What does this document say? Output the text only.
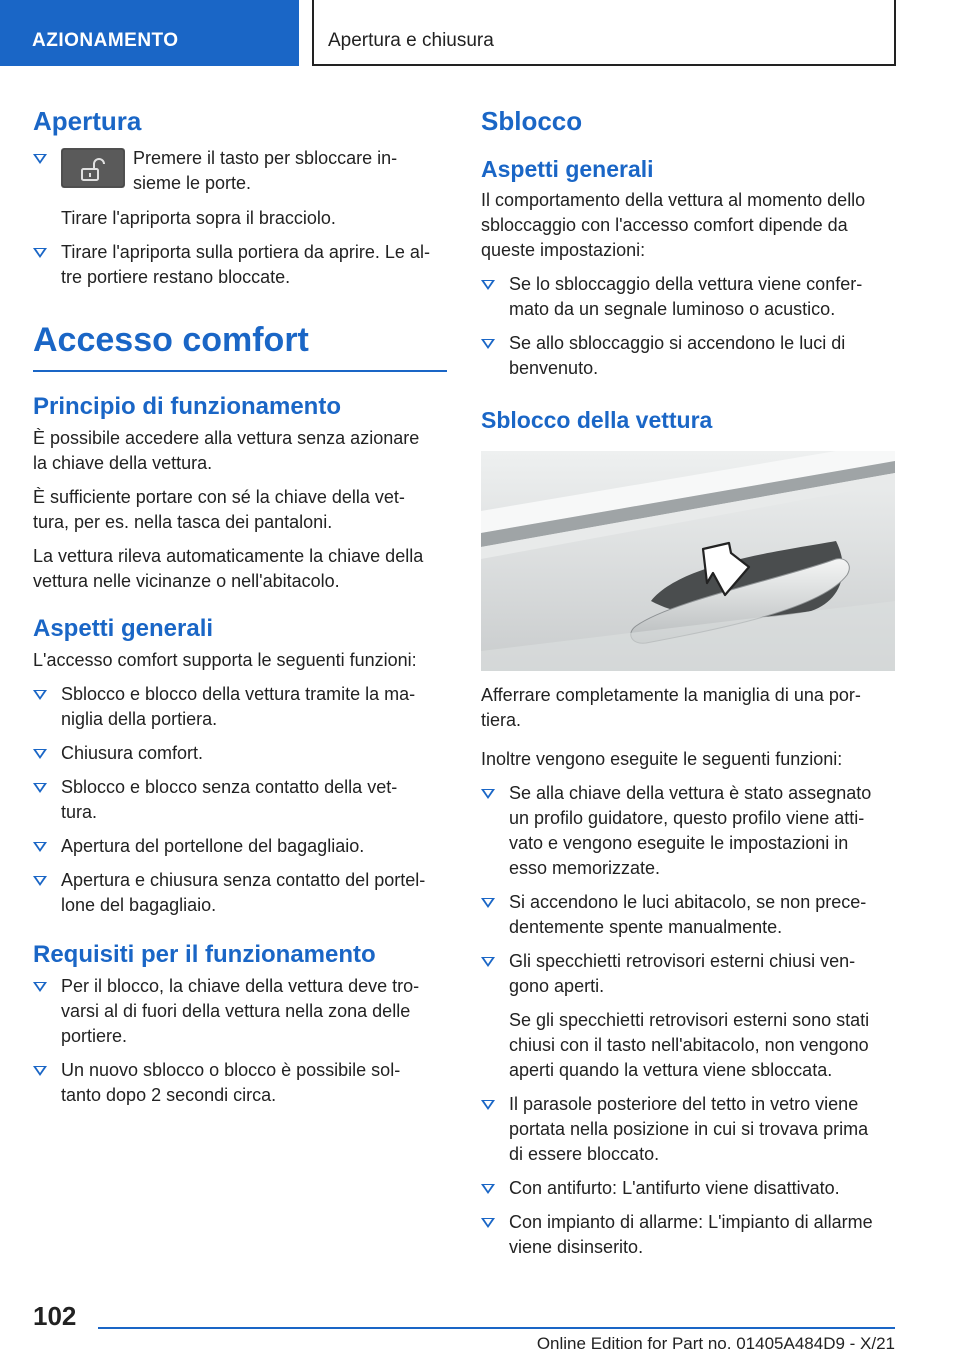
AZIONAMENTO	Apertura e chiusura
Apertura
Premere il tasto per sbloccare in-
sieme le porte.

Tirare l'apriporta sopra il bracciolo.

Tirare l'apriporta sulla portiera da aprire. Le al-
tre portiere restano bloccate.
Accesso comfort
Principio di funzionamento

È possibile accedere alla vettura senza azionare
la chiave della vettura.

È sufficiente portare con sé la chiave della vet-
tura, per es. nella tasca dei pantaloni.

La vettura rileva automaticamente la chiave della
vettura nelle vicinanze o nell'abitacolo.

Aspetti generali

L'accesso comfort supporta le seguenti funzioni:

Sblocco e blocco della vettura tramite la ma-
niglia della portiera.
Chiusura comfort.
Sblocco e blocco senza contatto della vet-
tura.
Apertura del portellone del bagagliaio.
Apertura e chiusura senza contatto del portel-
lone del bagagliaio.
Requisiti per il funzionamento
Per il blocco, la chiave della vettura deve tro-
varsi al di fuori della vettura nella zona delle
portiere.
Un nuovo sblocco o blocco è possibile sol-
tanto dopo 2 secondi circa.
Sblocco
Aspetti generali

Il comportamento della vettura al momento dello
sbloccaggio con l'accesso comfort dipende da
queste impostazioni:

Se lo sbloccaggio della vettura viene confer-
mato da un segnale luminoso o acustico.
Se allo sbloccaggio si accendono le luci di
benvenuto.
Sblocco della vettura

Afferrare completamente la maniglia di una por-
tiera.

Inoltre vengono eseguite le seguenti funzioni:

Se alla chiave della vettura è stato assegnato
un profilo guidatore, questo profilo viene atti-
vato e vengono eseguite le impostazioni in
esso memorizzate.
Si accendono le luci abitacolo, se non prece-
dentemente spente manualmente.
Gli specchietti retrovisori esterni chiusi ven-
gono aperti.
Se gli specchietti retrovisori esterni sono stati
chiusi con il tasto nell'abitacolo, non vengono
aperti quando la vettura viene sbloccata.
Il parasole posteriore del tetto in vetro viene
portata nella posizione in cui si trovava prima
di essere bloccato.
Con antifurto: L'antifurto viene disattivato.
Con impianto di allarme: L'impianto di allarme
viene disinserito.
102
Online Edition for Part no. 01405A484D9 - X/21
